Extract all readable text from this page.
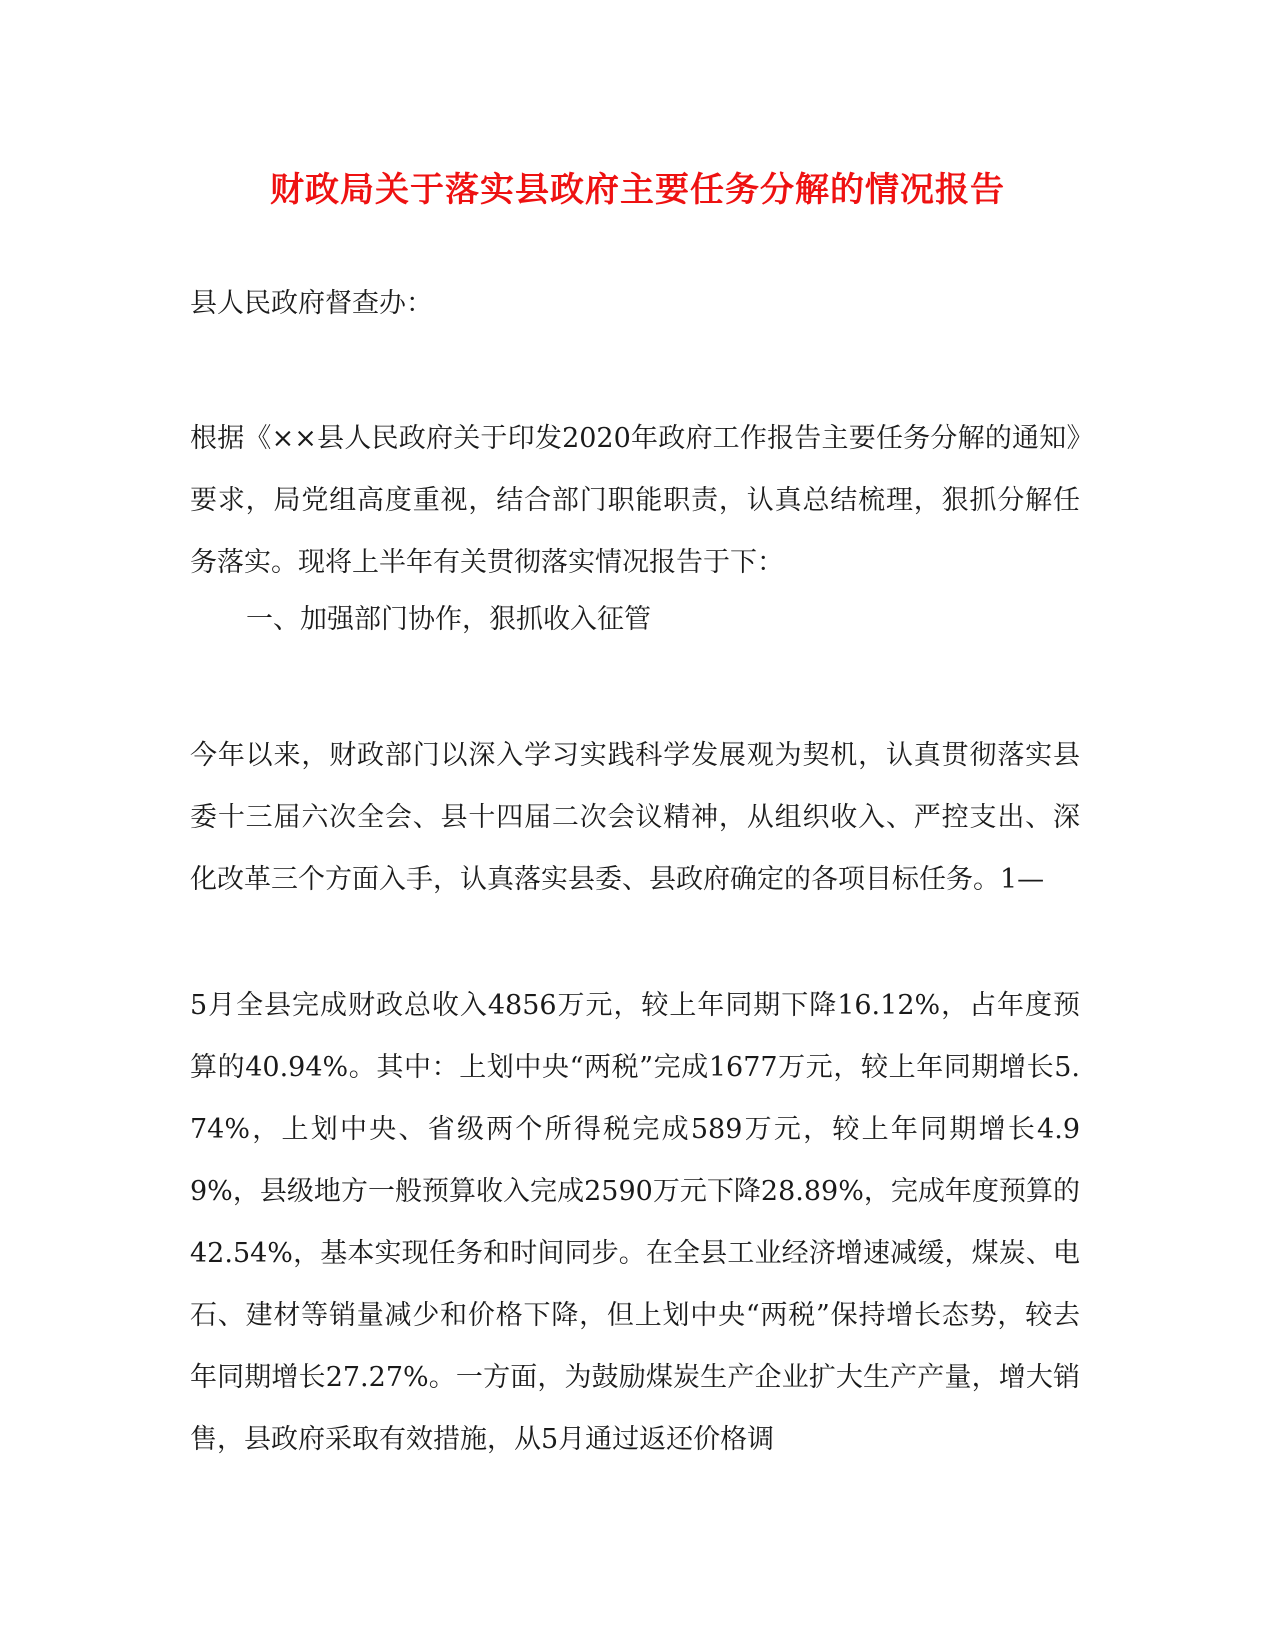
财政局关于落实县政府主要任务分解的情况报告
县人民政府督查办：
根据《××县人民政府关于印发2020年政府工作报告主要任务分解的通知》要求，局党组高度重视，结合部门职能职责，认真总结梳理，狠抓分解任务落实。现将上半年有关贯彻落实情况报告于下：
一、加强部门协作，狠抓收入征管
今年以来，财政部门以深入学习实践科学发展观为契机，认真贯彻落实县委十三届六次全会、县十四届二次会议精神，从组织收入、严控支出、深化改革三个方面入手，认真落实县委、县政府确定的各项目标任务。1—
5月全县完成财政总收入4856万元，较上年同期下降16.12%，占年度预算的40.94%。其中：上划中央“两税”完成1677万元，较上年同期增长5.74%，上划中央、省级两个所得税完成589万元，较上年同期增长4.99%，县级地方一般预算收入完成2590万元下降28.89%，完成年度预算的42.54%，基本实现任务和时间同步。在全县工业经济增速减缓，煤炭、电石、建材等销量减少和价格下降，但上划中央“两税”保持增长态势，较去年同期增长27.27%。一方面，为鼓励煤炭生产企业扩大生产产量，增大销售，县政府采取有效措施，从5月通过返还价格调
